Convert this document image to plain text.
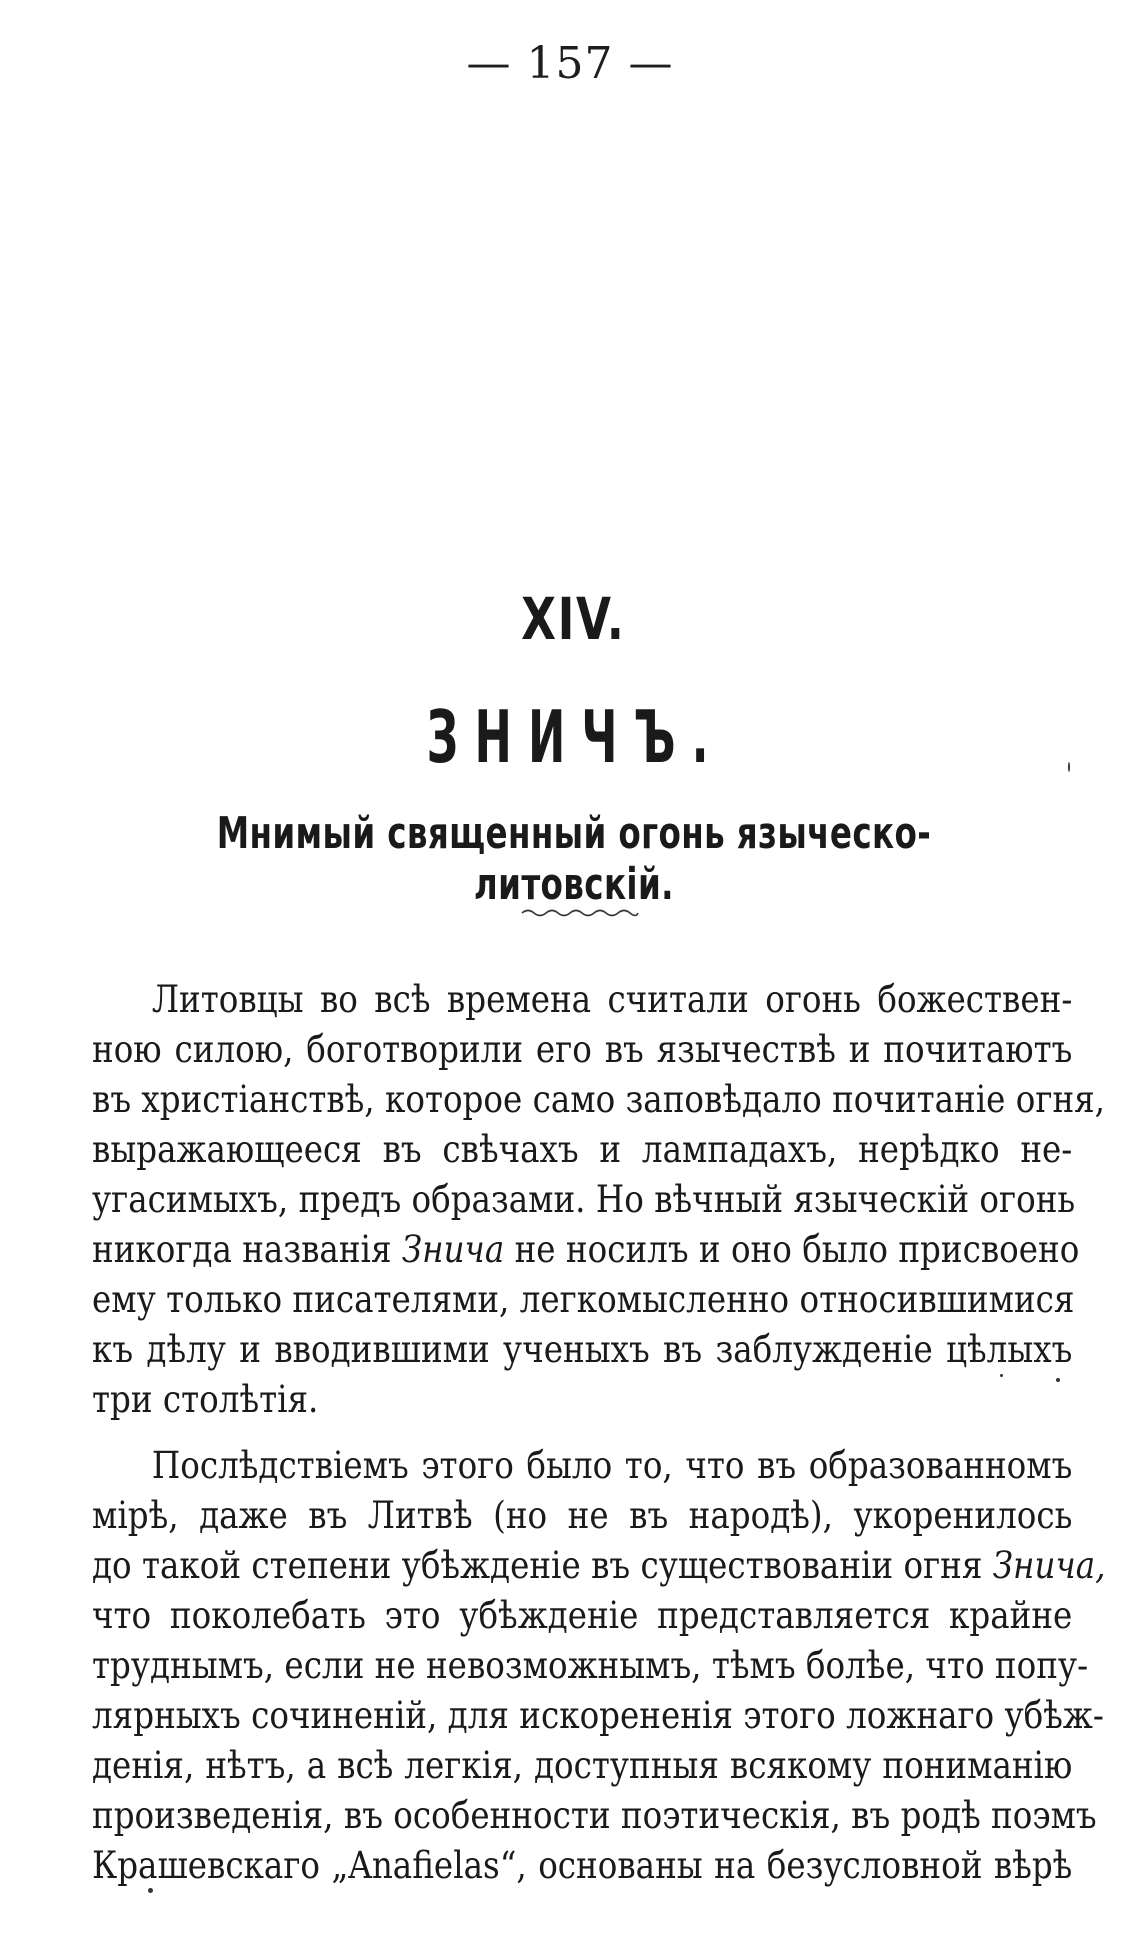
— 157 —
XIV.
ЗНИЧЪ.
Мнимый священный огонь языческо-литовскій.
Литовцы во всѣ времена считали огонь божествен-
ною силою, боготворили его въ язычествѣ и почитаютъ
въ христіанствѣ, которое само заповѣдало почитаніе огня,
выражающееся въ свѣчахъ и лампадахъ, нерѣдко не-
угасимыхъ, предъ образами. Но вѣчный языческій огонь
никогда названія Знича не носилъ и оно было присвоено
ему только писателями, легкомысленно относившимися
къ дѣлу и вводившими ученыхъ въ заблужденіе цѣлыхъ
три столѣтія.
Послѣдствіемъ этого было то, что въ образованномъ
мірѣ, даже въ Литвѣ (но не въ народѣ), укоренилось
до такой степени убѣжденіе въ существованіи огня Знича,
что поколебать это убѣжденіе представляется крайне
труднымъ, если не невозможнымъ, тѣмъ болѣе, что попу-
лярныхъ сочиненій, для искорененія этого ложнаго убѣж-
денія, нѣтъ, а всѣ легкія, доступныя всякому пониманію
произведенія, въ особенности поэтическія, въ родѣ поэмъ
Крашевскаго „Anafielas“, основаны на безусловной вѣрѣ
